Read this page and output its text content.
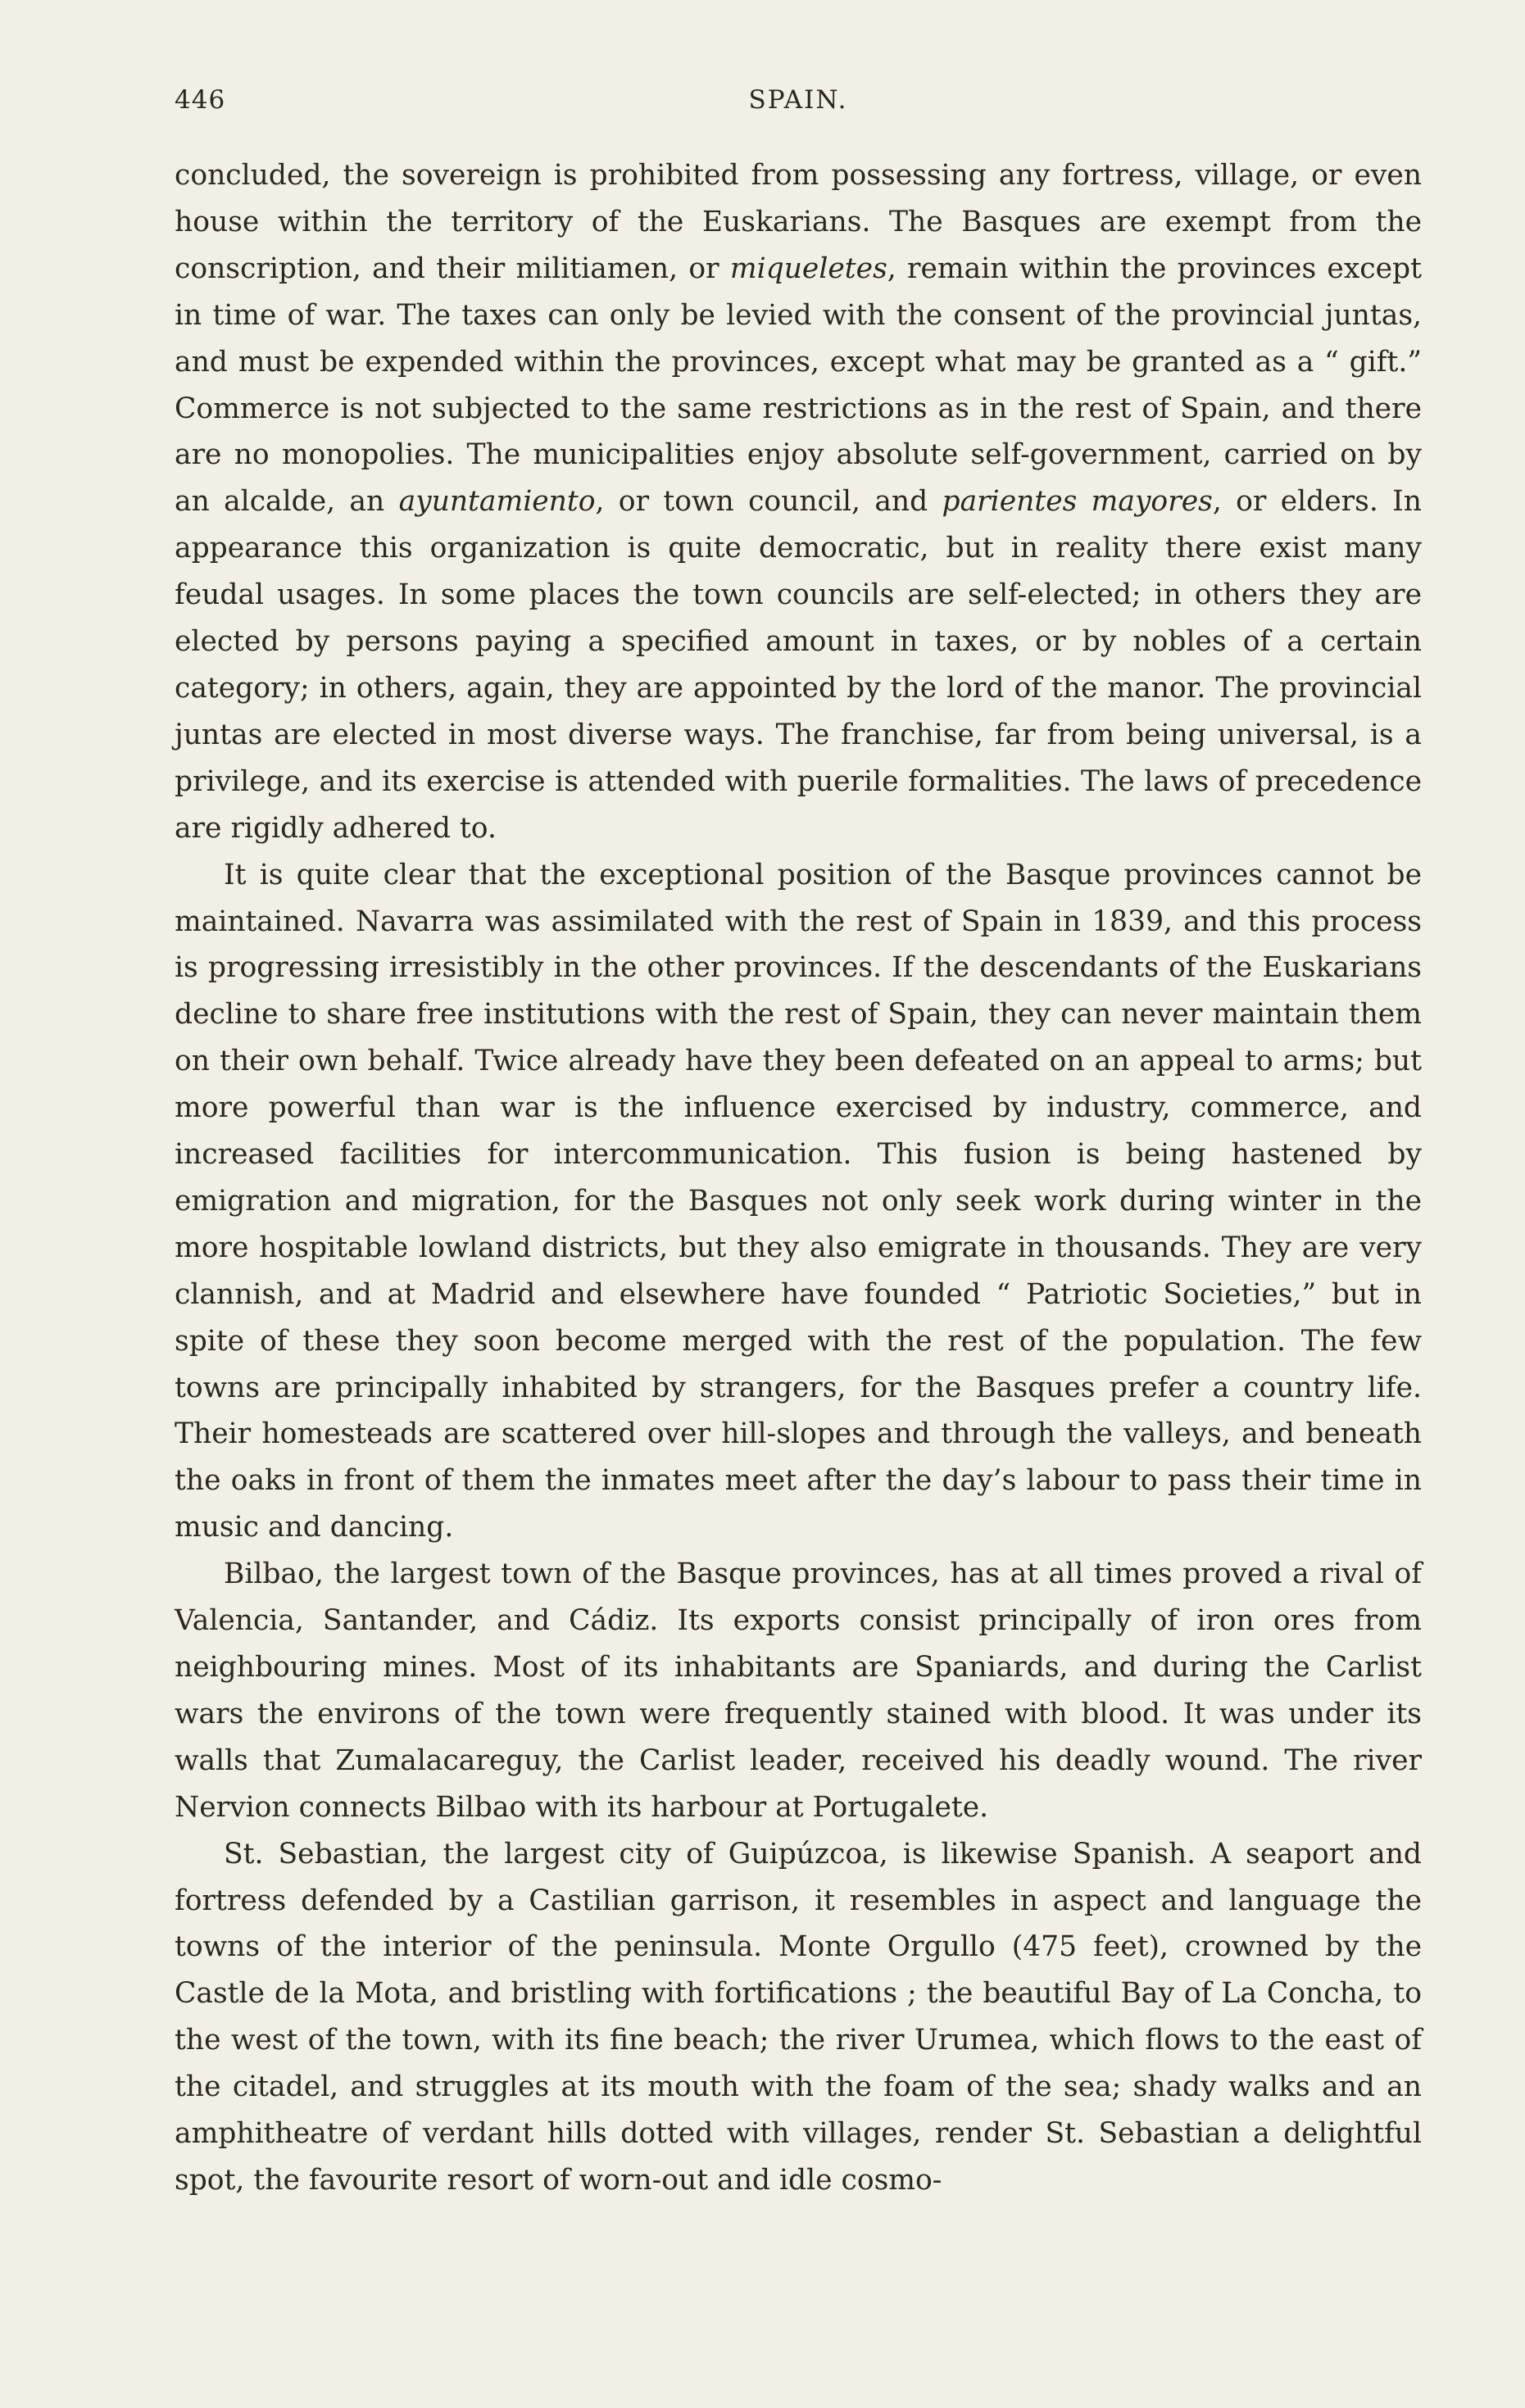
446	SPAIN.

concluded, the sovereign is prohibited from possessing any fortress, village, or even house within the territory of the Euskarians. The Basques are exempt from the conscription, and their militiamen, or miqueletes, remain within the provinces except in time of war. The taxes can only be levied with the consent of the provincial juntas, and must be expended within the provinces, except what may be granted as a “ gift.” Commerce is not subjected to the same restrictions as in the rest of Spain, and there are no monopolies. The municipalities enjoy absolute self-government, carried on by an alcalde, an ayuntamiento, or town council, and parientes mayores, or elders. In appearance this organization is quite democratic, but in reality there exist many feudal usages. In some places the town councils are self-elected; in others they are elected by persons paying a specified amount in taxes, or by nobles of a certain category; in others, again, they are appointed by the lord of the manor. The provincial juntas are elected in most diverse ways. The franchise, far from being universal, is a privilege, and its exercise is attended with puerile formalities. The laws of precedence are rigidly adhered to.

It is quite clear that the exceptional position of the Basque provinces cannot be maintained. Navarra was assimilated with the rest of Spain in 1839, and this process is progressing irresistibly in the other provinces. If the descendants of the Euskarians decline to share free institutions with the rest of Spain, they can never maintain them on their own behalf. Twice already have they been defeated on an appeal to arms; but more powerful than war is the influence exercised by industry, commerce, and increased facilities for intercommunication. This fusion is being hastened by emigration and migration, for the Basques not only seek work during winter in the more hospitable lowland districts, but they also emigrate in thousands. They are very clannish, and at Madrid and elsewhere have founded “ Patriotic Societies,” but in spite of these they soon become merged with the rest of the population. The few towns are principally inhabited by strangers, for the Basques prefer a country life. Their homesteads are scattered over hill-slopes and through the valleys, and beneath the oaks in front of them the inmates meet after the day’s labour to pass their time in music and dancing.

Bilbao, the largest town of the Basque provinces, has at all times proved a rival of Valencia, Santander, and Cádiz. Its exports consist principally of iron ores from neighbouring mines. Most of its inhabitants are Spaniards, and during the Carlist wars the environs of the town were frequently stained with blood. It was under its walls that Zumalacareguy, the Carlist leader, received his deadly wound. The river Nervion connects Bilbao with its harbour at Portugalete.

St. Sebastian, the largest city of Guipúzcoa, is likewise Spanish. A seaport and fortress defended by a Castilian garrison, it resembles in aspect and language the towns of the interior of the peninsula. Monte Orgullo (475 feet), crowned by the Castle de la Mota, and bristling with fortifications ; the beautiful Bay of La Concha, to the west of the town, with its fine beach; the river Urumea, which flows to the east of the citadel, and struggles at its mouth with the foam of the sea; shady walks and an amphitheatre of verdant hills dotted with villages, render St. Sebastian a delightful spot, the favourite resort of worn-out and idle cosmo-
